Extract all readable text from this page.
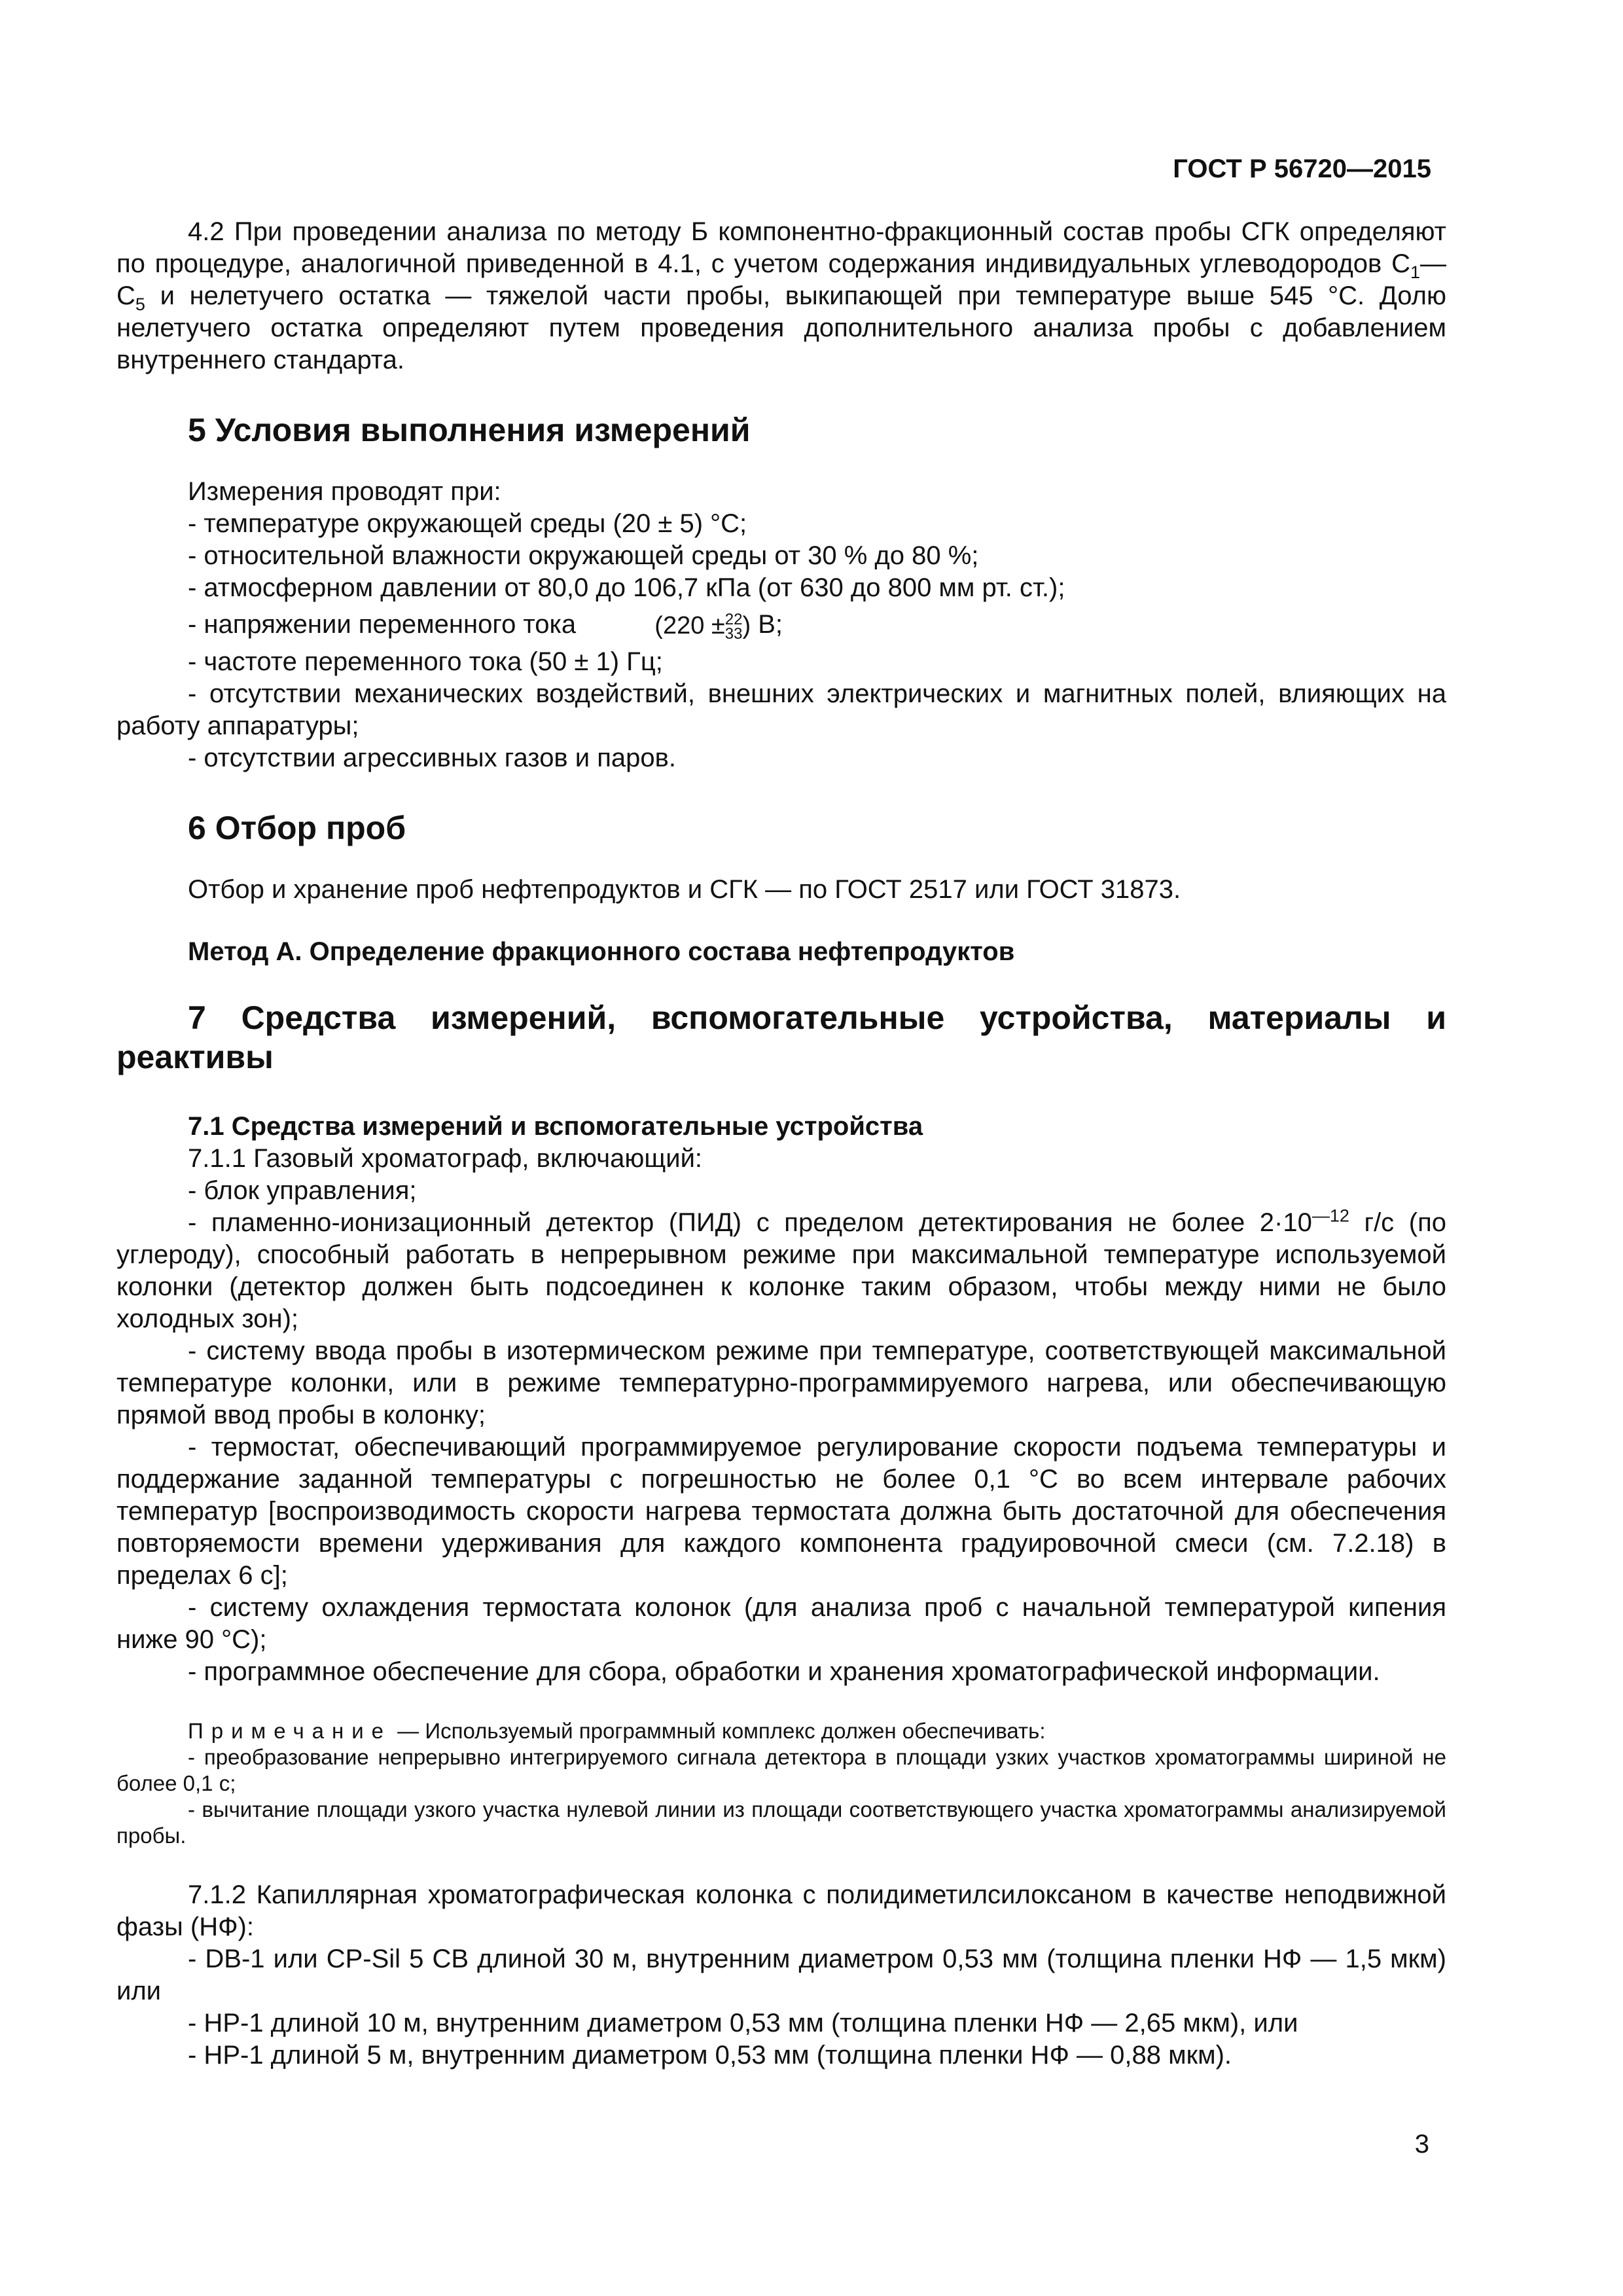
ГОСТ Р 56720—2015

4.2 При проведении анализа по методу Б компонентно-фракционный состав пробы СГК определяют по процедуре, аналогичной приведенной в 4.1, с учетом содержания индивидуальных углеводородов $С_1—С_5$ и нелетучего остатка — тяжелой части пробы, выкипающей при температуре выше 545 °С. Долю нелетучего остатка определяют путем проведения дополнительного анализа пробы с добавлением внутреннего стандарта.

5 Условия выполнения измерений

Измерения проводят при:

- температуре окружающей среды (20 ± 5) °С;

- относительной влажности окружающей среды от 30 % до 80 %;

- атмосферном давлении от 80,0 до 106,7 кПа (от 630 до 800 мм рт. ст.);

- напряжении переменного тока	(220 ± 22
33 ) В;

- частоте переменного тока (50 ± 1) Гц;

- отсутствии механических воздействий, внешних электрических и магнитных полей, влияющих на работу аппаратуры;

- отсутствии агрессивных газов и паров.

6 Отбор проб

Отбор и хранение проб нефтепродуктов и СГК — по ГОСТ 2517 или ГОСТ 31873.

Метод А. Определение фракционного состава нефтепродуктов

7 Средства измерений, вспомогательные устройства, материалы и реактивы

7.1 Средства измерений и вспомогательные устройства

7.1.1 Газовый хроматограф, включающий:

- блок управления;

- пламенно-ионизационный детектор (ПИД) с пределом детектирования не более $2\cdot 10^{—12}$ г/с (по углероду), способный работать в непрерывном режиме при максимальной температуре используемой колонки (детектор должен быть подсоединен к колонке таким образом, чтобы между ними не было холодных зон);

- систему ввода пробы в изотермическом режиме при температуре, соответствующей максимальной температуре колонки, или в режиме температурно-программируемого нагрева, или обеспечивающую прямой ввод пробы в колонку;

- термостат, обеспечивающий программируемое регулирование скорости подъема температуры и поддержание заданной температуры с погрешностью не более 0,1 °С во всем интервале рабочих температур [воспроизводимость скорости нагрева термостата должна быть достаточной для обеспечения повторяемости времени удерживания для каждого компонента градуировочной смеси (см. 7.2.18) в пределах 6 с];

- систему охлаждения термостата колонок (для анализа проб с начальной температурой кипения ниже 90 °С);

- программное обеспечение для сбора, обработки и хранения хроматографической информации.

Примечание — Используемый программный комплекс должен обеспечивать:

- преобразование непрерывно интегрируемого сигнала детектора в площади узких участков хроматограммы шириной не более 0,1 с;

- вычитание площади узкого участка нулевой линии из площади соответствующего участка хроматограммы анализируемой пробы.

7.1.2 Капиллярная хроматографическая колонка с полидиметилсилоксаном в качестве неподвижной фазы (НФ):

- DB-1 или CP-Sil 5 СВ длиной 30 м, внутренним диаметром 0,53 мм (толщина пленки НФ — 1,5 мкм) или

- HP-1 длиной 10 м, внутренним диаметром 0,53 мм (толщина пленки НФ — 2,65 мкм), или

- HP-1 длиной 5 м, внутренним диаметром 0,53 мм (толщина пленки НФ — 0,88 мкм).

3
